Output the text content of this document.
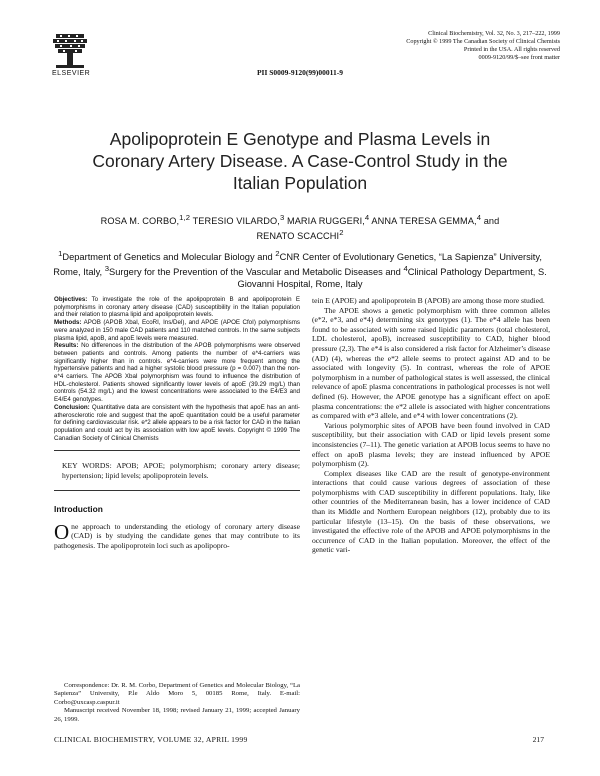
ELSEVIER
Clinical Biochemistry, Vol. 32, No. 3, 217–222, 1999
Copyright © 1999 The Canadian Society of Clinical Chemists
Printed in the USA. All rights reserved
0009-9120/99/$–see front matter
PII S0009-9120(99)00011-9
Apolipoprotein E Genotype and Plasma Levels in
Coronary Artery Disease. A Case-Control Study in the
Italian Population
ROSA M. CORBO,$^{1,2}$ TERESIO VILARDO,$^3$ MARIA RUGGERI,$^4$ ANNA TERESA GEMMA,$^4$ and
RENATO SCACCHI$^2$
$^1$Department of Genetics and Molecular Biology and $^2$CNR Center of Evolutionary Genetics, “La Sapienza” University, Rome, Italy, $^3$Surgery for the Prevention of the Vascular and Metabolic Diseases and $^4$Clinical Pathology Department, S. Giovanni Hospital, Rome, Italy

Objectives: To investigate the role of the apolipoprotein B and apolipoprotein E polymorphisms in coronary artery disease (CAD) susceptibility in the Italian population and their relation to plasma lipid and apolipoprotein levels.

Methods: APOB (APOB XbaI, EcoRI, Ins/Del), and APOE (APOE CfoI) polymorphisms were analyzed in 150 male CAD patients and 110 matched controls. In the same subjects plasma lipid, apoB, and apoE levels were measured.

Results: No differences in the distribution of the APOB polymorphisms were observed between patients and controls. Among patients the number of e*4-carriers was significantly higher than in controls. e*4-carriers were more frequent among the hypertensive patients and had a higher systolic blood pressure (p = 0.007) than the non-e*4 carriers. The APOB XbaI polymorphism was found to influence the distribution of HDL-cholesterol. Patients showed significantly lower levels of apoE (39.29 mg/L) than controls (54.32 mg/L) and the lowest concentrations were associated to the E4/E3 and E4/E4 genotypes.

Conclusion: Quantitative data are consistent with the hypothesis that apoE has an anti-atherosclerotic role and suggest that the apoE quantitation could be a useful parameter for defining cardiovascular risk. e*2 allele appears to be a risk factor for CAD in the Italian population and could act by its association with low apoE levels. Copyright © 1999 The Canadian Society of Clinical Chemists

KEY WORDS: APOB; APOE; polymorphism; coronary artery disease; hypertension; lipid levels; apolipoprotein levels.
Introduction

One approach to understanding the etiology of coronary artery disease (CAD) is by studying the candidate genes that may contribute to its pathogenesis. The apolipoprotein loci such as apolipopro-

Correspondence: Dr. R. M. Corbo, Department of Genetics and Molecular Biology, “La Sapienza” University, P.le Aldo Moro 5, 00185 Rome, Italy. E-mail: Corbo@uxcasp.caspur.it

Manuscript received November 18, 1998; revised January 21, 1999; accepted January 26, 1999.

tein E (APOE) and apolipoprotein B (APOB) are among those more studied.

The APOE shows a genetic polymorphism with three common alleles (e*2, e*3, and e*4) determining six genotypes (1). The e*4 allele has been found to be associated with some raised lipidic parameters (total cholesterol, LDL cholesterol, apoB), increased susceptibility to CAD, higher blood pressure (2,3). The e*4 is also considered a risk factor for Alzheimer’s disease (AD) (4), whereas the e*2 allele seems to protect against AD and to be associated with longevity (5). In contrast, whereas the role of APOE polymorphism in a number of pathological states is well assessed, the clinical relevance of apoE plasma concentrations in pathological processes is not well defined (6). However, the APOE genotype has a significant effect on apoE plasma concentrations: the e*2 allele is associated with higher concentrations as compared with e*3 allele, and e*4 with lower concentrations (2).

Various polymorphic sites of APOB have been found involved in CAD susceptibility, but their association with CAD or lipid levels present some inconsistencies (7–11). The genetic variation at APOB locus seems to have no effect on apoB plasma levels; they are instead influenced by APOE polymorphism (2).

Complex diseases like CAD are the result of genotype-environment interactions that could cause various degrees of association of these polymorphisms with CAD susceptibility in different populations. Italy, like other countries of the Mediterranean basin, has a lower incidence of CAD than its Middle and Northern European neighbors (12), probably due to its particular lifestyle (13–15). On the basis of these observations, we investigated the effective role of the APOB and APOE polymorphisms in the occurrence of CAD in the Italian population. Moreover, the effect of the genetic vari-

CLINICAL BIOCHEMISTRY, VOLUME 32, APRIL 1999	217
